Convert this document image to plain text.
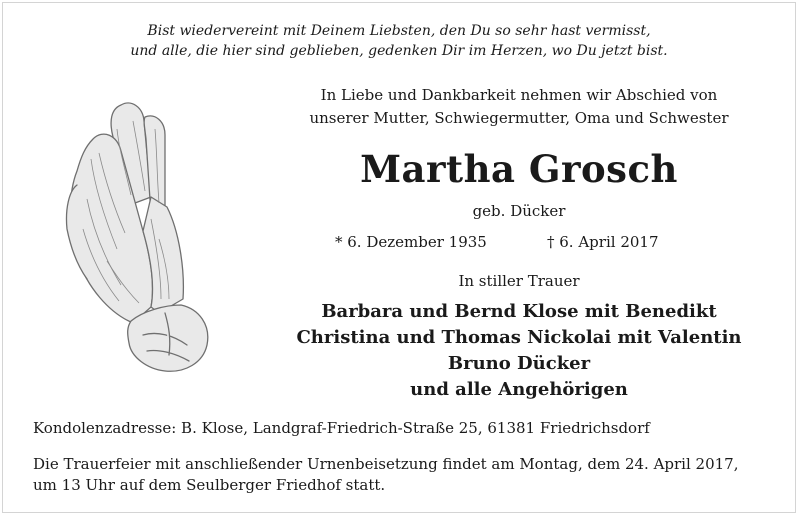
Bist wiedervereint mit Deinem Liebsten, den Du so sehr hast vermisst,
und alle, die hier sind geblieben, gedenken Dir im Herzen, wo Du jetzt bist.
In Liebe und Dankbarkeit nehmen wir Abschied von
unserer Mutter, Schwiegermutter, Oma und Schwester
Martha Grosch
geb. Dücker
* 6. Dezember 1935	† 6. April 2017
In stiller Trauer
Barbara und Bernd Klose mit Benedikt
Christina und Thomas Nickolai mit Valentin
Bruno Dücker
und alle Angehörigen
Kondolenzadresse: B. Klose, Landgraf-Friedrich-Straße 25, 61381 Friedrichsdorf
Die Trauerfeier mit anschließender Urnenbeisetzung findet am Montag, dem 24. April 2017,
um 13 Uhr auf dem Seulberger Friedhof statt.
